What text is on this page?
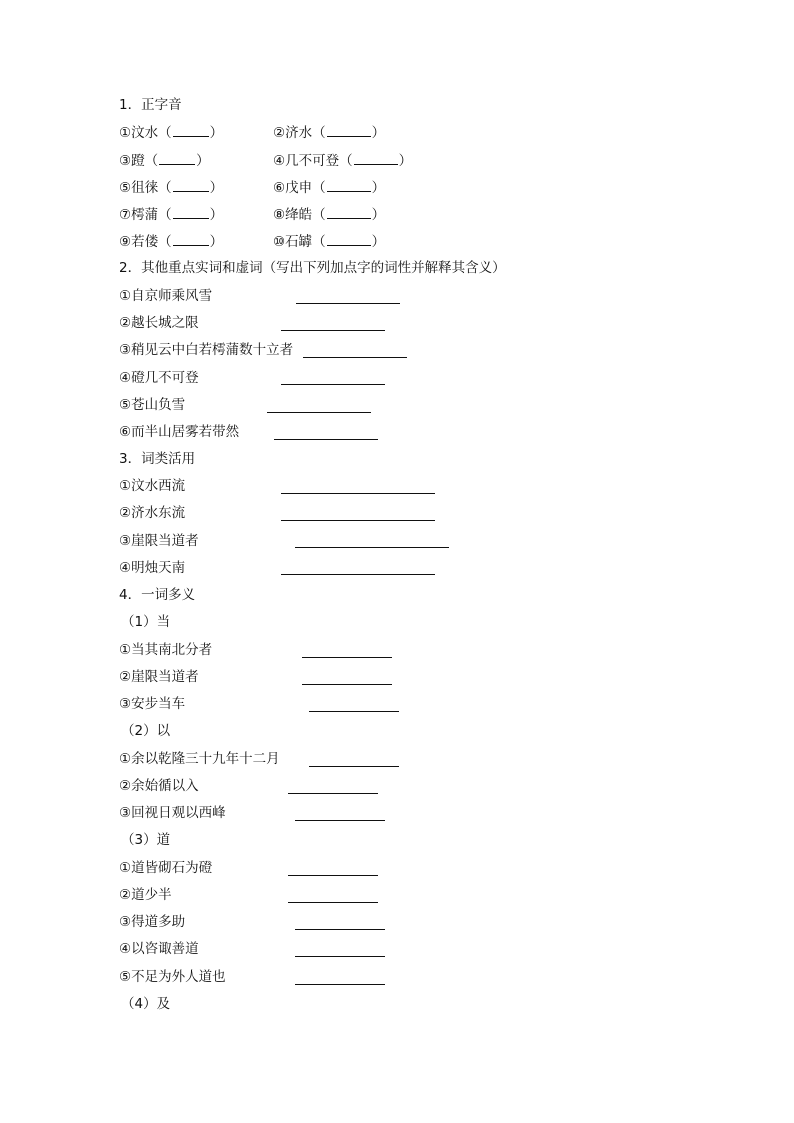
1．正字音
①汶水（	）	②济水（	）
③蹬（	）	④几不可登（	）
⑤徂徕（	）	⑥戊申（	）
⑦樗蒲（	）	⑧绛皓（	）
⑨若偻（	）	⑩石罅（	）
2．其他重点实词和虚词（写出下列加点字的词性并解释其含义）
①自京师乘风雪
②越长城之限
③稍见云中白若樗蒲数十立者
④磴几不可登
⑤苍山负雪
⑥而半山居雾若带然
3．词类活用
①汶水西流
②济水东流
③崖限当道者
④明烛天南
4．一词多义
（1）当
①当其南北分者
②崖限当道者
③安步当车
（2）以
①余以乾隆三十九年十二月
②余始循以入
③回视日观以西峰
（3）道
①道皆砌石为磴
②道少半
③得道多助
④以咨诹善道
⑤不足为外人道也
（4）及
